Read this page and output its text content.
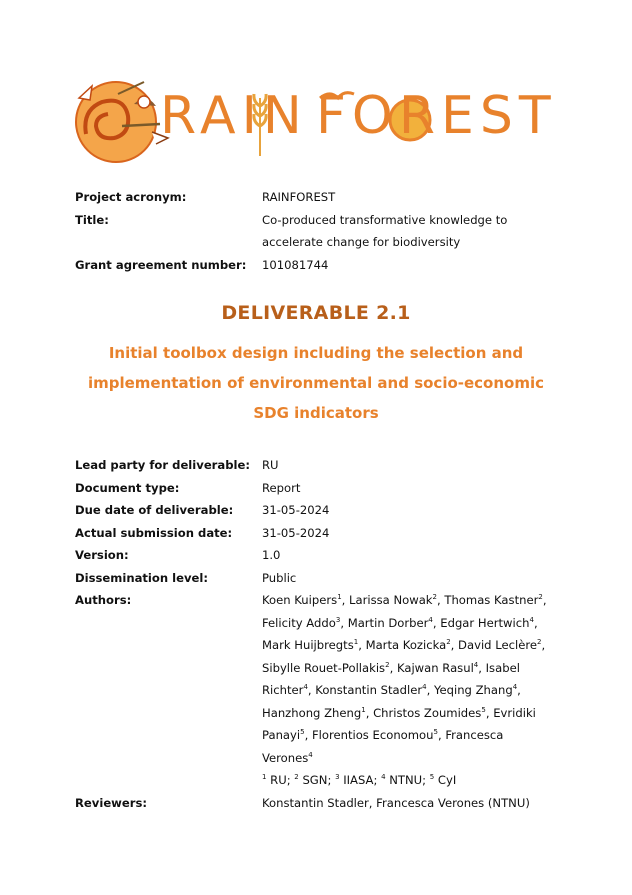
RAIN FOREST
Project acronym:	RAINFOREST
Title:	Co-produced transformative knowledge to accelerate change for biodiversity
Grant agreement number:	101081744
DELIVERABLE 2.1
Initial toolbox design including the selection and implementation of environmental and socio-economic SDG indicators
Lead party for deliverable:	RU
Document type:	Report
Due date of deliverable:	31-05-2024
Actual submission date:	31-05-2024
Version:	1.0
Dissemination level:	Public
Authors:	Koen Kuipers$^1$, Larissa Nowak$^2$, Thomas Kastner$^2$, Felicity Addo$^3$, Martin Dorber$^4$, Edgar Hertwich$^4$, Mark Huijbregts$^1$, Marta Kozicka$^2$, David Leclère$^2$, Sibylle Rouet-Pollakis$^2$, Kajwan Rasul$^4$, Isabel Richter$^4$, Konstantin Stadler$^4$, Yeqing Zhang$^4$, Hanzhong Zheng$^1$, Christos Zoumides$^5$, Evridiki Panayi$^5$, Florentios Economou$^5$, Francesca Verones$^4$
$^1$ RU; $^2$ SGN; $^3$ IIASA; $^4$ NTNU; $^5$ CyI
Reviewers:	Konstantin Stadler, Francesca Verones (NTNU)
